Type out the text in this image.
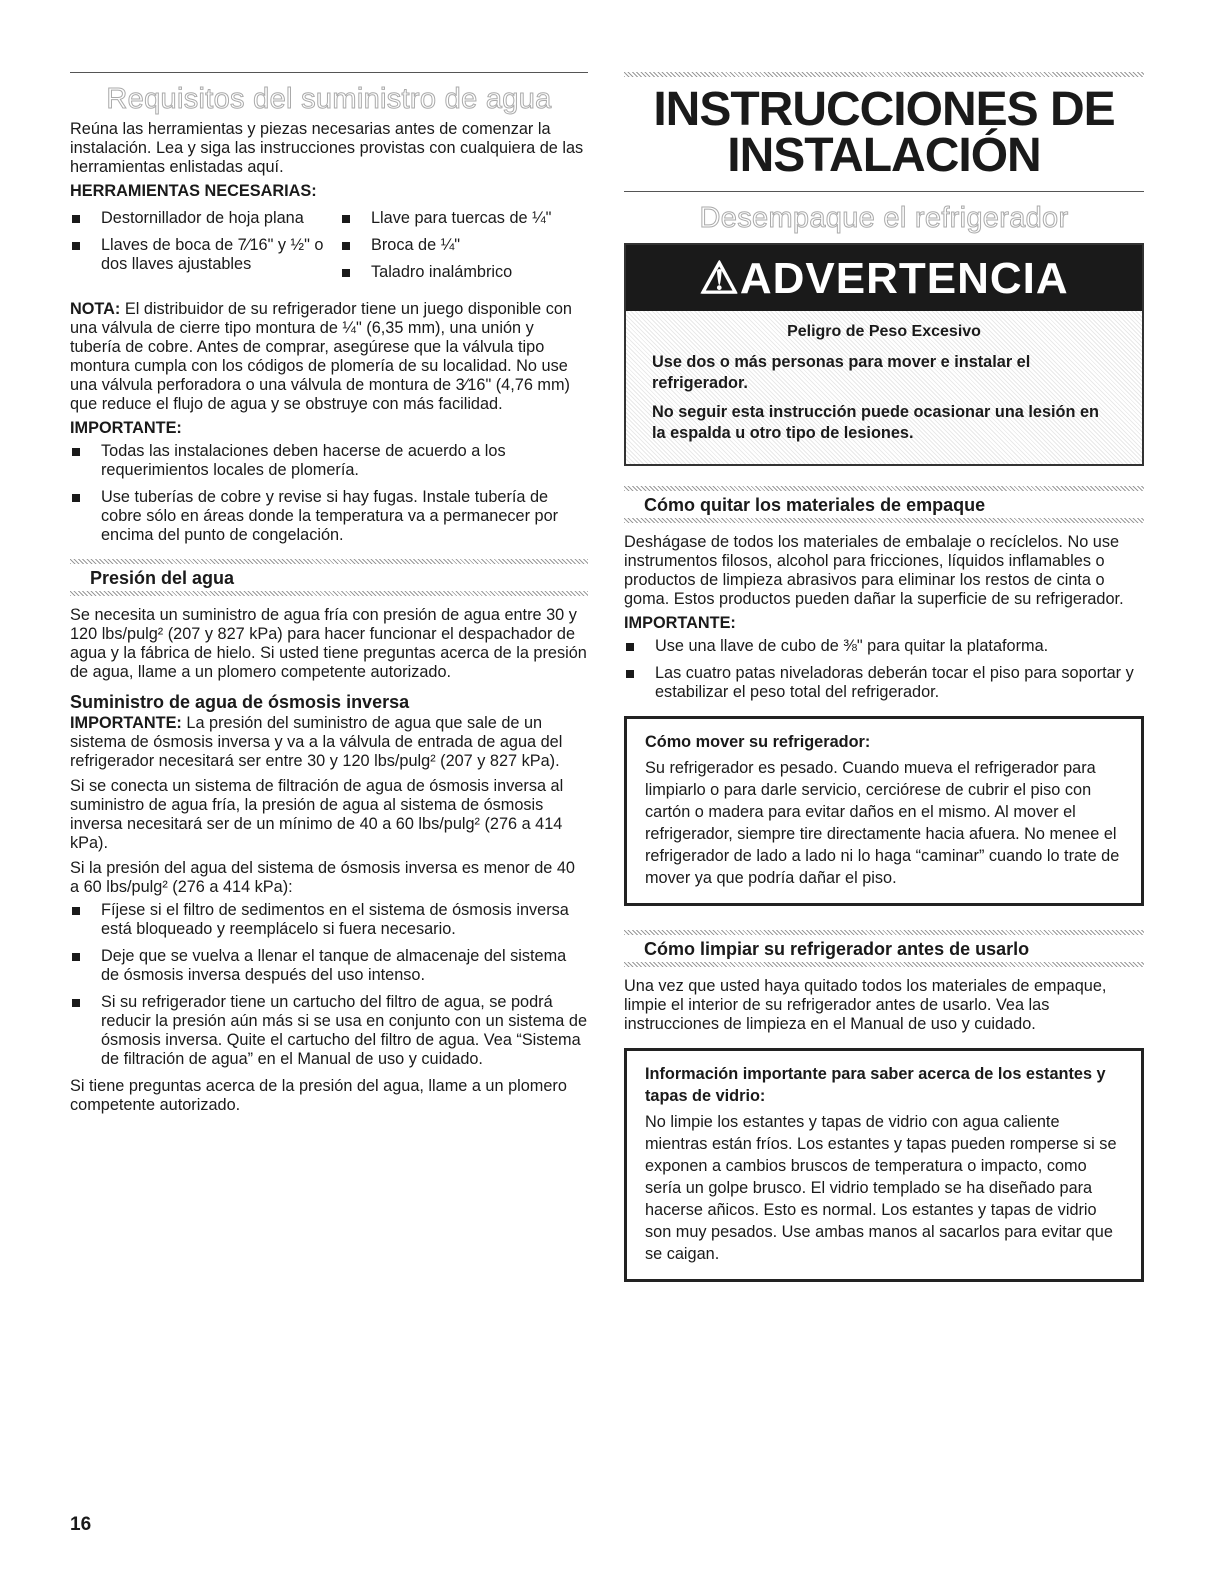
Requisitos del suministro de agua

Reúna las herramientas y piezas necesarias antes de comenzar la instalación. Lea y siga las instrucciones provistas con cualquiera de las herramientas enlistadas aquí.

HERRAMIENTAS NECESARIAS:
Destornillador de hoja plana
Llaves de boca de 7⁄16" y ½" o dos llaves ajustables
Llave para tuercas de ¼"
Broca de ¼"
Taladro inalámbrico

NOTA: El distribuidor de su refrigerador tiene un juego disponible con una válvula de cierre tipo montura de ¼" (6,35 mm), una unión y tubería de cobre. Antes de comprar, asegúrese que la válvula tipo montura cumpla con los códigos de plomería de su localidad. No use una válvula perforadora o una válvula de montura de 3⁄16" (4,76 mm) que reduce el flujo de agua y se obstruye con más facilidad.

IMPORTANTE:
Todas las instalaciones deben hacerse de acuerdo a los requerimientos locales de plomería.
Use tuberías de cobre y revise si hay fugas. Instale tubería de cobre sólo en áreas donde la temperatura va a permanecer por encima del punto de congelación.
Presión del agua

Se necesita un suministro de agua fría con presión de agua entre 30 y 120 lbs/pulg² (207 y 827 kPa) para hacer funcionar el despachador de agua y la fábrica de hielo. Si usted tiene preguntas acerca de la presión de agua, llame a un plomero competente autorizado.

Suministro de agua de ósmosis inversa

IMPORTANTE: La presión del suministro de agua que sale de un sistema de ósmosis inversa y va a la válvula de entrada de agua del refrigerador necesitará ser entre 30 y 120 lbs/pulg² (207 y 827 kPa).

Si se conecta un sistema de filtración de agua de ósmosis inversa al suministro de agua fría, la presión de agua al sistema de ósmosis inversa necesitará ser de un mínimo de 40 a 60 lbs/pulg² (276 a 414 kPa).

Si la presión del agua del sistema de ósmosis inversa es menor de 40 a 60 lbs/pulg² (276 a 414 kPa):

Fíjese si el filtro de sedimentos en el sistema de ósmosis inversa está bloqueado y reemplácelo si fuera necesario.
Deje que se vuelva a llenar el tanque de almacenaje del sistema de ósmosis inversa después del uso intenso.
Si su refrigerador tiene un cartucho del filtro de agua, se podrá reducir la presión aún más si se usa en conjunto con un sistema de ósmosis inversa. Quite el cartucho del filtro de agua. Vea “Sistema de filtración de agua” en el Manual de uso y cuidado.

Si tiene preguntas acerca de la presión del agua, llame a un plomero competente autorizado.

INSTRUCCIONES DE
INSTALACIÓN
Desempaque el refrigerador
⚠ADVERTENCIA

Peligro de Peso Excesivo

Use dos o más personas para mover e instalar el refrigerador.

No seguir esta instrucción puede ocasionar una lesión en la espalda u otro tipo de lesiones.

Cómo quitar los materiales de empaque

Deshágase de todos los materiales de embalaje o recíclelos. No use instrumentos filosos, alcohol para fricciones, líquidos inflamables o productos de limpieza abrasivos para eliminar los restos de cinta o goma. Estos productos pueden dañar la superficie de su refrigerador.

IMPORTANTE:
Use una llave de cubo de ⅜" para quitar la plataforma.
Las cuatro patas niveladoras deberán tocar el piso para soportar y estabilizar el peso total del refrigerador.
Cómo mover su refrigerador:

Su refrigerador es pesado. Cuando mueva el refrigerador para limpiarlo o para darle servicio, cerciórese de cubrir el piso con cartón o madera para evitar daños en el mismo. Al mover el refrigerador, siempre tire directamente hacia afuera. No menee el refrigerador de lado a lado ni lo haga “caminar” cuando lo trate de mover ya que podría dañar el piso.

Cómo limpiar su refrigerador antes de usarlo

Una vez que usted haya quitado todos los materiales de empaque, limpie el interior de su refrigerador antes de usarlo. Vea las instrucciones de limpieza en el Manual de uso y cuidado.

Información importante para saber acerca de los estantes y tapas de vidrio:

No limpie los estantes y tapas de vidrio con agua caliente mientras están fríos. Los estantes y tapas pueden romperse si se exponen a cambios bruscos de temperatura o impacto, como sería un golpe brusco. El vidrio templado se ha diseñado para hacerse añicos. Esto es normal. Los estantes y tapas de vidrio son muy pesados. Use ambas manos al sacarlos para evitar que se caigan.

16
